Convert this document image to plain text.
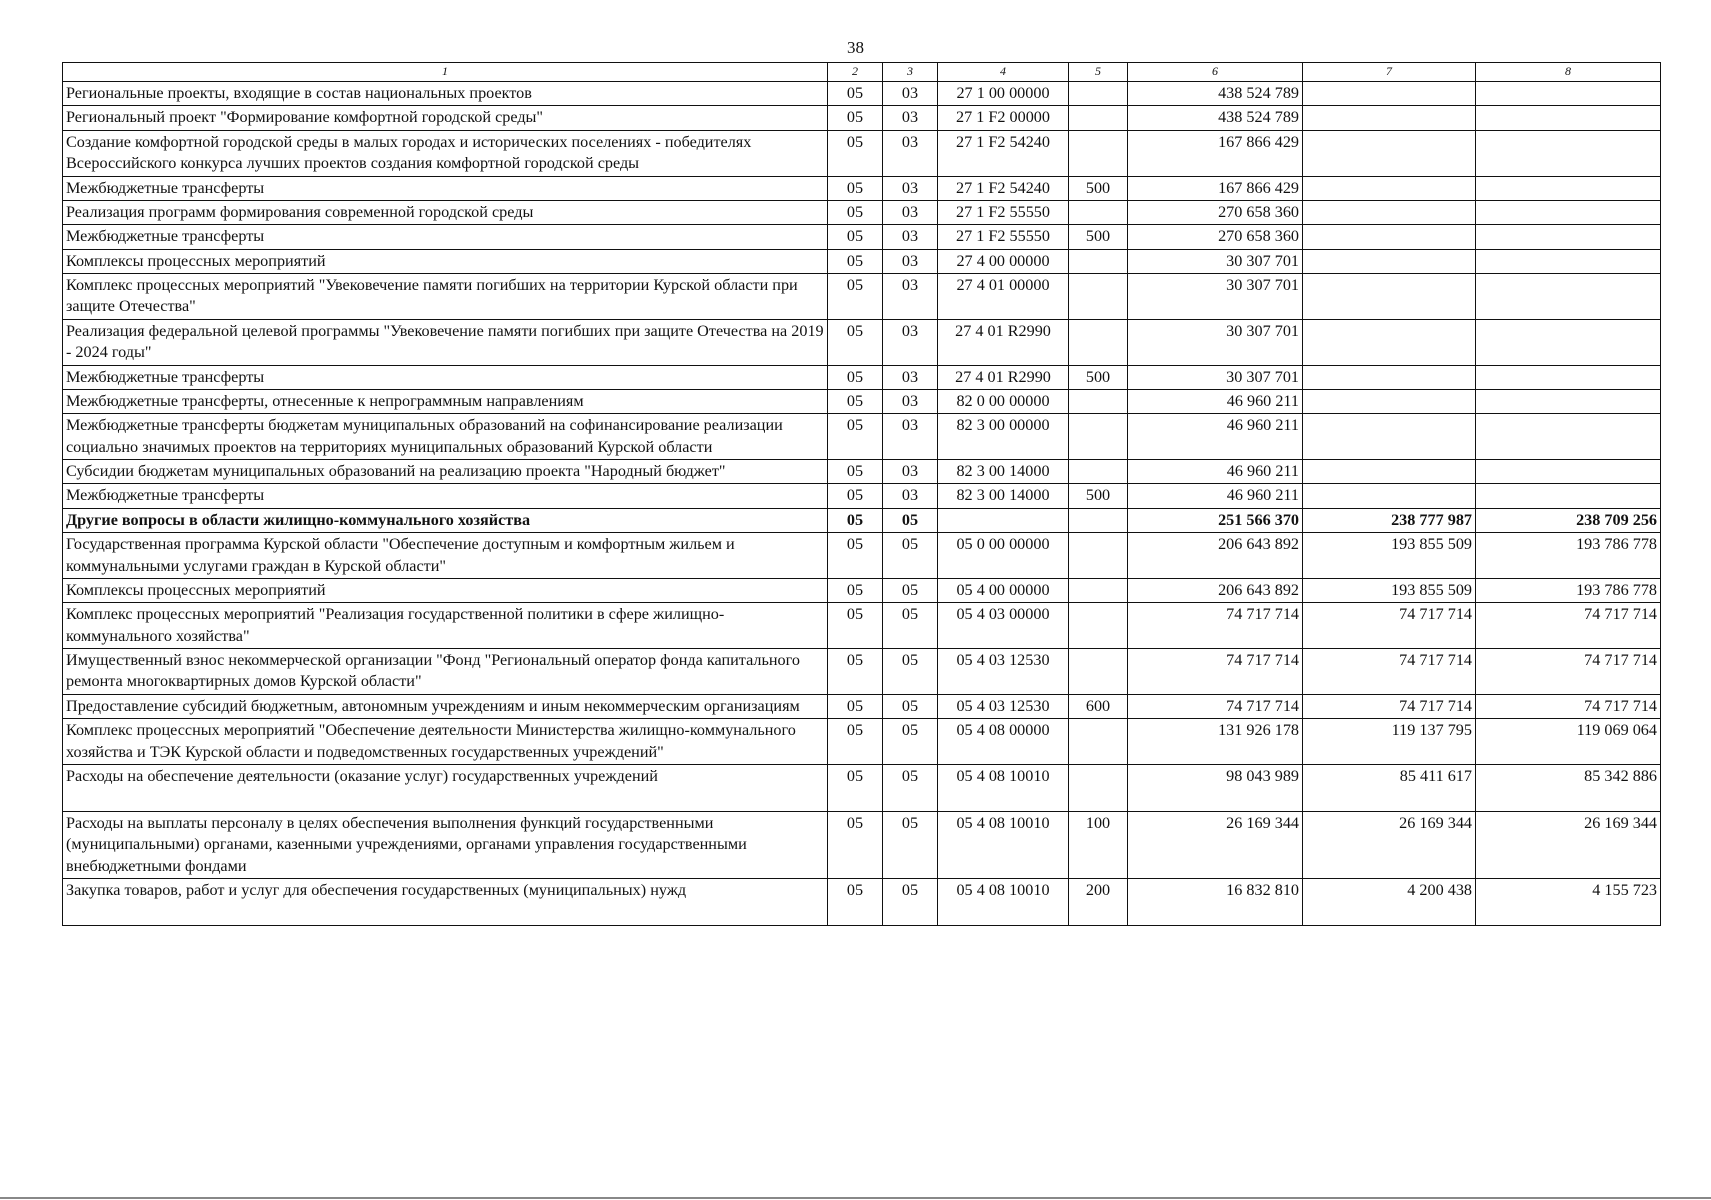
38
1	2	3	4	5	6	7	8
Региональные проекты, входящие в состав национальных проектов	05	03	27 1 00 00000		438 524 789		
Региональный проект "Формирование комфортной городской среды"	05	03	27 1 F2 00000		438 524 789		
Создание комфортной городской среды в малых городах и исторических поселениях - победителях Всероссийского конкурса лучших проектов создания комфортной городской среды	05	03	27 1 F2 54240		167 866 429		
Межбюджетные трансферты	05	03	27 1 F2 54240	500	167 866 429		
Реализация программ формирования современной городской среды	05	03	27 1 F2 55550		270 658 360		
Межбюджетные трансферты	05	03	27 1 F2 55550	500	270 658 360		
Комплексы процессных мероприятий	05	03	27 4 00 00000		30 307 701		
Комплекс процессных мероприятий "Увековечение памяти погибших на территории Курской области при защите Отечества"	05	03	27 4 01 00000		30 307 701		
Реализация федеральной целевой программы "Увековечение памяти погибших при защите Отечества на 2019 - 2024 годы"	05	03	27 4 01 R2990		30 307 701		
Межбюджетные трансферты	05	03	27 4 01 R2990	500	30 307 701		
Межбюджетные трансферты, отнесенные к непрограммным направлениям	05	03	82 0 00 00000		46 960 211		
Межбюджетные трансферты бюджетам муниципальных образований на софинансирование реализации социально значимых проектов на территориях муниципальных образований Курской области	05	03	82 3 00 00000		46 960 211		
Субсидии бюджетам муниципальных образований на реализацию проекта "Народный бюджет"	05	03	82 3 00 14000		46 960 211		
Межбюджетные трансферты	05	03	82 3 00 14000	500	46 960 211		
Другие вопросы в области жилищно-коммунального хозяйства	05	05			251 566 370	238 777 987	238 709 256
Государственная программа Курской области "Обеспечение доступным и комфортным жильем и коммунальными услугами граждан в Курской области"	05	05	05 0 00 00000		206 643 892	193 855 509	193 786 778
Комплексы процессных мероприятий	05	05	05 4 00 00000		206 643 892	193 855 509	193 786 778
Комплекс процессных мероприятий "Реализация государственной политики в сфере жилищно-коммунального хозяйства"	05	05	05 4 03 00000		74 717 714	74 717 714	74 717 714
Имущественный взнос некоммерческой организации "Фонд "Региональный оператор фонда капитального ремонта многоквартирных домов Курской области"	05	05	05 4 03 12530		74 717 714	74 717 714	74 717 714
Предоставление субсидий бюджетным, автономным учреждениям и иным некоммерческим организациям	05	05	05 4 03 12530	600	74 717 714	74 717 714	74 717 714
Комплекс процессных мероприятий "Обеспечение деятельности Министерства жилищно-коммунального хозяйства и ТЭК Курской области и подведомственных государственных учреждений"	05	05	05 4 08 00000		131 926 178	119 137 795	119 069 064
Расходы на обеспечение деятельности (оказание услуг) государственных учреждений	05	05	05 4 08 10010		98 043 989	85 411 617	85 342 886
Расходы на выплаты персоналу в целях обеспечения выполнения функций государственными (муниципальными) органами, казенными учреждениями, органами управления государственными внебюджетными фондами	05	05	05 4 08 10010	100	26 169 344	26 169 344	26 169 344
Закупка товаров, работ и услуг для обеспечения государственных (муниципальных) нужд	05	05	05 4 08 10010	200	16 832 810	4 200 438	4 155 723
